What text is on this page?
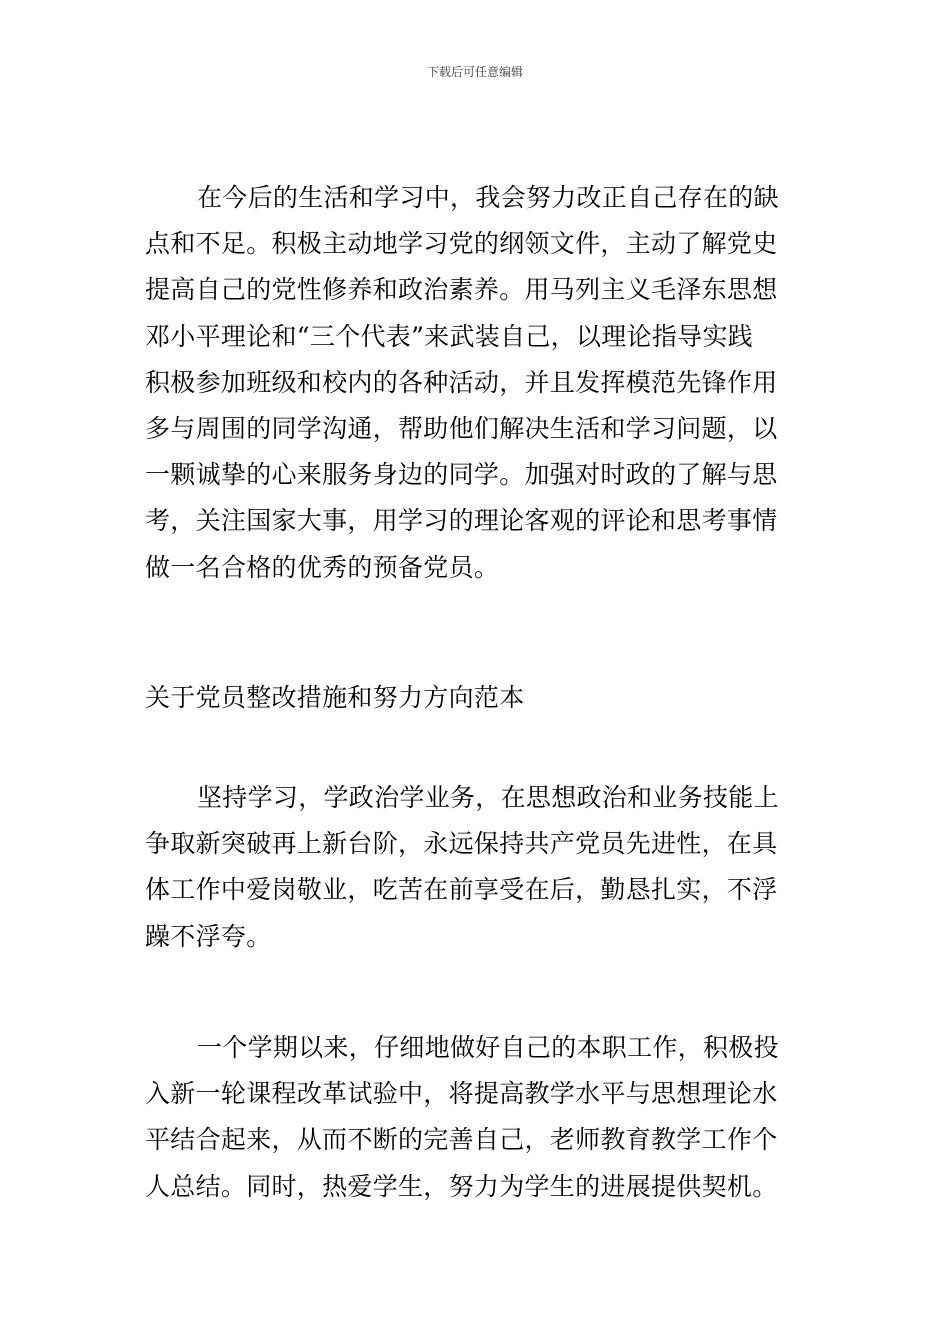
下载后可任意编辑
在今后的生活和学习中，我会努力改正自己存在的缺
点和不足。积极主动地学习党的纲领文件，主动了解党史
提高自己的党性修养和政治素养。用马列主义毛泽东思想
邓小平理论和“三个代表”来武装自己，以理论指导实践
积极参加班级和校内的各种活动，并且发挥模范先锋作用
多与周围的同学沟通，帮助他们解决生活和学习问题，以
一颗诚挚的心来服务身边的同学。加强对时政的了解与思
考，关注国家大事，用学习的理论客观的评论和思考事情
做一名合格的优秀的预备党员。
关于党员整改措施和努力方向范本
坚持学习，学政治学业务，在思想政治和业务技能上
争取新突破再上新台阶，永远保持共产党员先进性，在具
体工作中爱岗敬业，吃苦在前享受在后，勤恳扎实，不浮
躁不浮夸。
一个学期以来，仔细地做好自己的本职工作，积极投
入新一轮课程改革试验中，将提高教学水平与思想理论水
平结合起来，从而不断的完善自己，老师教育教学工作个
人总结。同时，热爱学生，努力为学生的进展提供契机。
